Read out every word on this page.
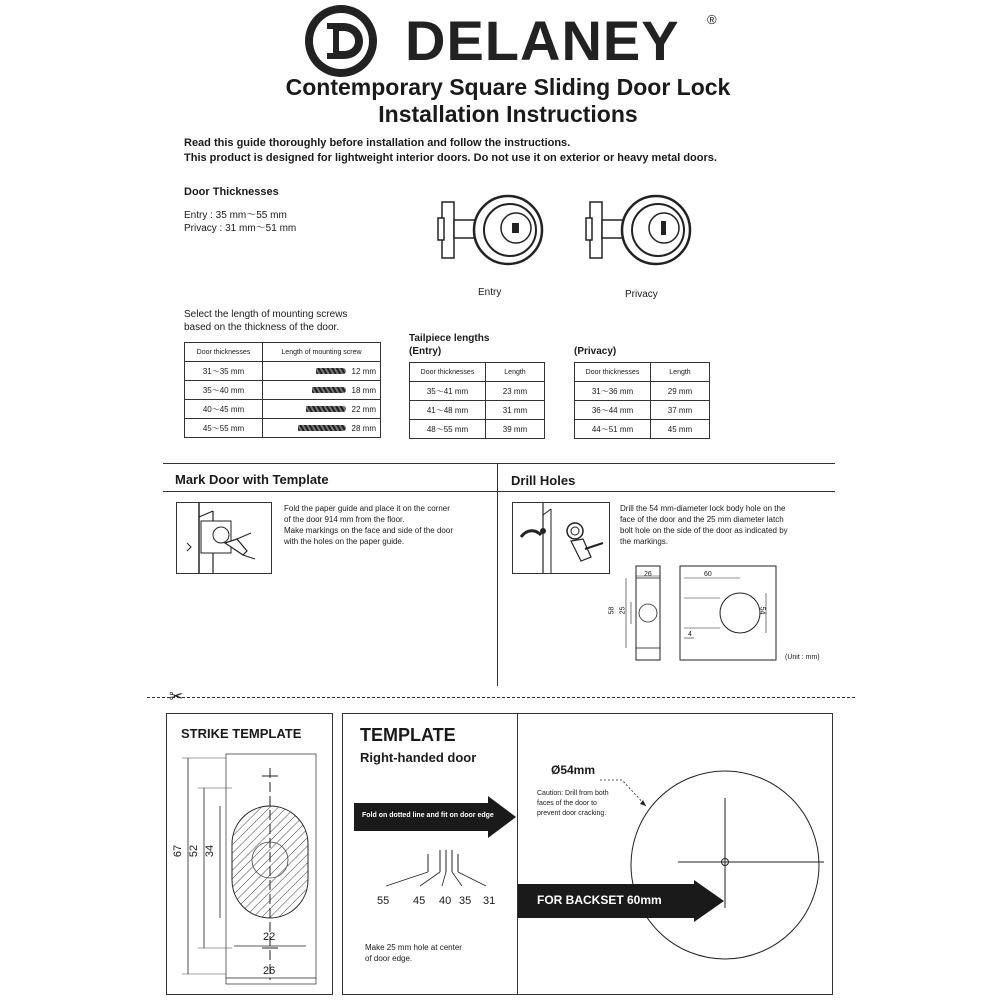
DELANEY ®
Contemporary Square Sliding Door Lock
Installation Instructions
Read this guide thoroughly before installation and follow the instructions.
This product is designed for lightweight interior doors. Do not use it on exterior or heavy metal doors.
Door Thicknesses
Entry : 35 mm〜55 mm
Privacy : 31 mm〜51 mm
Entry	Privacy
Select the length of mounting screws
based on the thickness of the door.
Door thicknesses	Length of mounting screw
31〜35 mm	12 mm
35〜40 mm	18 mm
40〜45 mm	22 mm
45〜55 mm	28 mm
Tailpiece lengths
(Entry)	(Privacy)
Door thicknesses	Length
35〜41 mm	23 mm
41〜48 mm	31 mm
48〜55 mm	39 mm
Door thicknesses	Length
31〜36 mm	29 mm
36〜44 mm	37 mm
44〜51 mm	45 mm
Mark Door with Template	Drill Holes
Fold the paper guide and place it on the corner
of the door 914 mm from the floor.
Make markings on the face and side of the door
with the holes on the paper guide.
Drill the 54 mm-diameter lock body hole on the
face of the door and the 25 mm diameter latch
bolt hole on the side of the door as indicated by
the markings.
26	60
58 25	54
4
(Unit : mm)
✂
STRIKE TEMPLATE
67 52 34
22
26
TEMPLATE
Right-handed door
Fold on dotted line and fit on door edge
55 45 40 35 31
Make 25 mm hole at center
of door edge.
Ø54mm
Caution: Drill from both
faces of the door to
prevent door cracking.
FOR BACKSET 60mm
